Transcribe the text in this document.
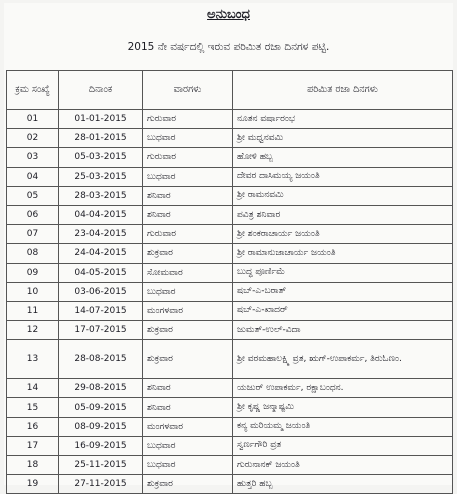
ಅನುಬಂಧ
2015 ನೇ ವರ್ಷದಲ್ಲಿ ಇರುವ ಪರಿಮಿತ ರಜಾ ದಿನಗಳ ಪಟ್ಟಿ.
ಕ್ರಮ ಸಂಖ್ಯೆ	ದಿನಾಂಕ	ವಾರಗಳು	ಪರಿಮಿತ ರಜಾ ದಿನಗಳು
01	01-01-2015	ಗುರುವಾರ	ನೂತನ ವರ್ಷಾರಂಭ
02	28-01-2015	ಬುಧವಾರ	ಶ್ರೀ ಮಧ್ವನವಮಿ
03	05-03-2015	ಗುರುವಾರ	ಹೋಳಿ ಹಬ್ಬ
04	25-03-2015	ಬುಧವಾರ	ದೇವರ ದಾಸಿಮಯ್ಯ ಜಯಂತಿ
05	28-03-2015	ಶನಿವಾರ	ಶ್ರೀ ರಾಮನವಮಿ
06	04-04-2015	ಶನಿವಾರ	ಪವಿತ್ರ ಶನಿವಾರ
07	23-04-2015	ಗುರುವಾರ	ಶ್ರೀ ಶಂಕರಾಚಾರ್ಯ ಜಯಂತಿ
08	24-04-2015	ಶುಕ್ರವಾರ	ಶ್ರೀ ರಾಮಾನುಜಾಚಾರ್ಯ ಜಯಂತಿ
09	04-05-2015	ಸೋಮವಾರ	ಬುದ್ಧ ಪೂರ್ಣಿಮೆ
10	03-06-2015	ಬುಧವಾರ	ಷಬ್-ಎ-ಬರಾತ್
11	14-07-2015	ಮಂಗಳವಾರ	ಷಬ್-ಎ-ಖಾದರ್
12	17-07-2015	ಶುಕ್ರವಾರ	ಜುಮತ್-ಉಲ್-ವಿದಾ
13	28-08-2015	ಶುಕ್ರವಾರ	ಶ್ರೀ ವರಮಹಾಲಕ್ಷ್ಮಿ ವ್ರತ, ಋಗ್-ಉಪಾಕರ್ಮ, ತಿರುಓಣಂ.
14	29-08-2015	ಶನಿವಾರ	ಯಜುರ್ ಉಪಾಕರ್ಮ, ರಕ್ಷಾಬಂಧನ.
15	05-09-2015	ಶನಿವಾರ	ಶ್ರೀ ಕೃಷ್ಣ ಜನ್ಮಾಷ್ಟಮಿ
16	08-09-2015	ಮಂಗಳವಾರ	ಕನ್ಯ ಮರಿಯಮ್ಮ ಜಯಂತಿ
17	16-09-2015	ಬುಧವಾರ	ಸ್ವರ್ಣಗೌರಿ ವ್ರತ
18	25-11-2015	ಬುಧವಾರ	ಗುರುನಾನಕ್ ಜಯಂತಿ
19	27-11-2015	ಶುಕ್ರವಾರ	ಹುತ್ತರಿ ಹಬ್ಬ
